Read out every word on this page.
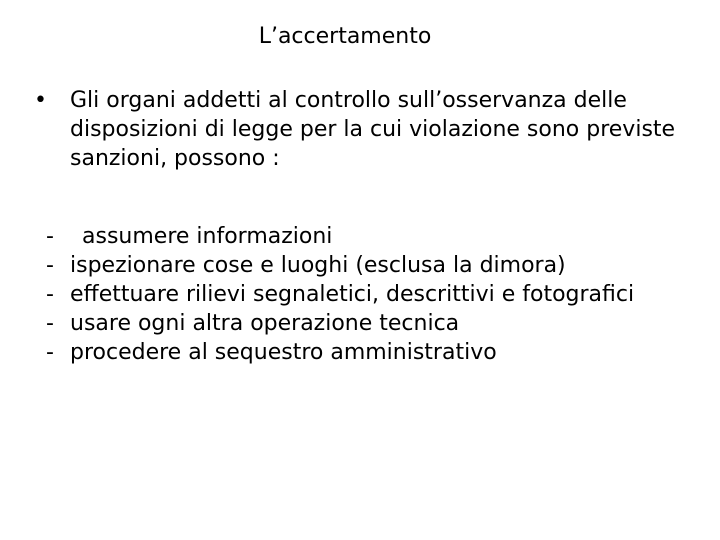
L’accertamento
•	Gli organi addetti al controllo sull’osservanza delle disposizioni di legge per la cui violazione sono previste sanzioni, possono :
-	assumere informazioni
- ispezionare cose e luoghi (esclusa la dimora)
- effettuare rilievi segnaletici, descrittivi e fotografici
- usare ogni altra operazione tecnica
- procedere al sequestro amministrativo
